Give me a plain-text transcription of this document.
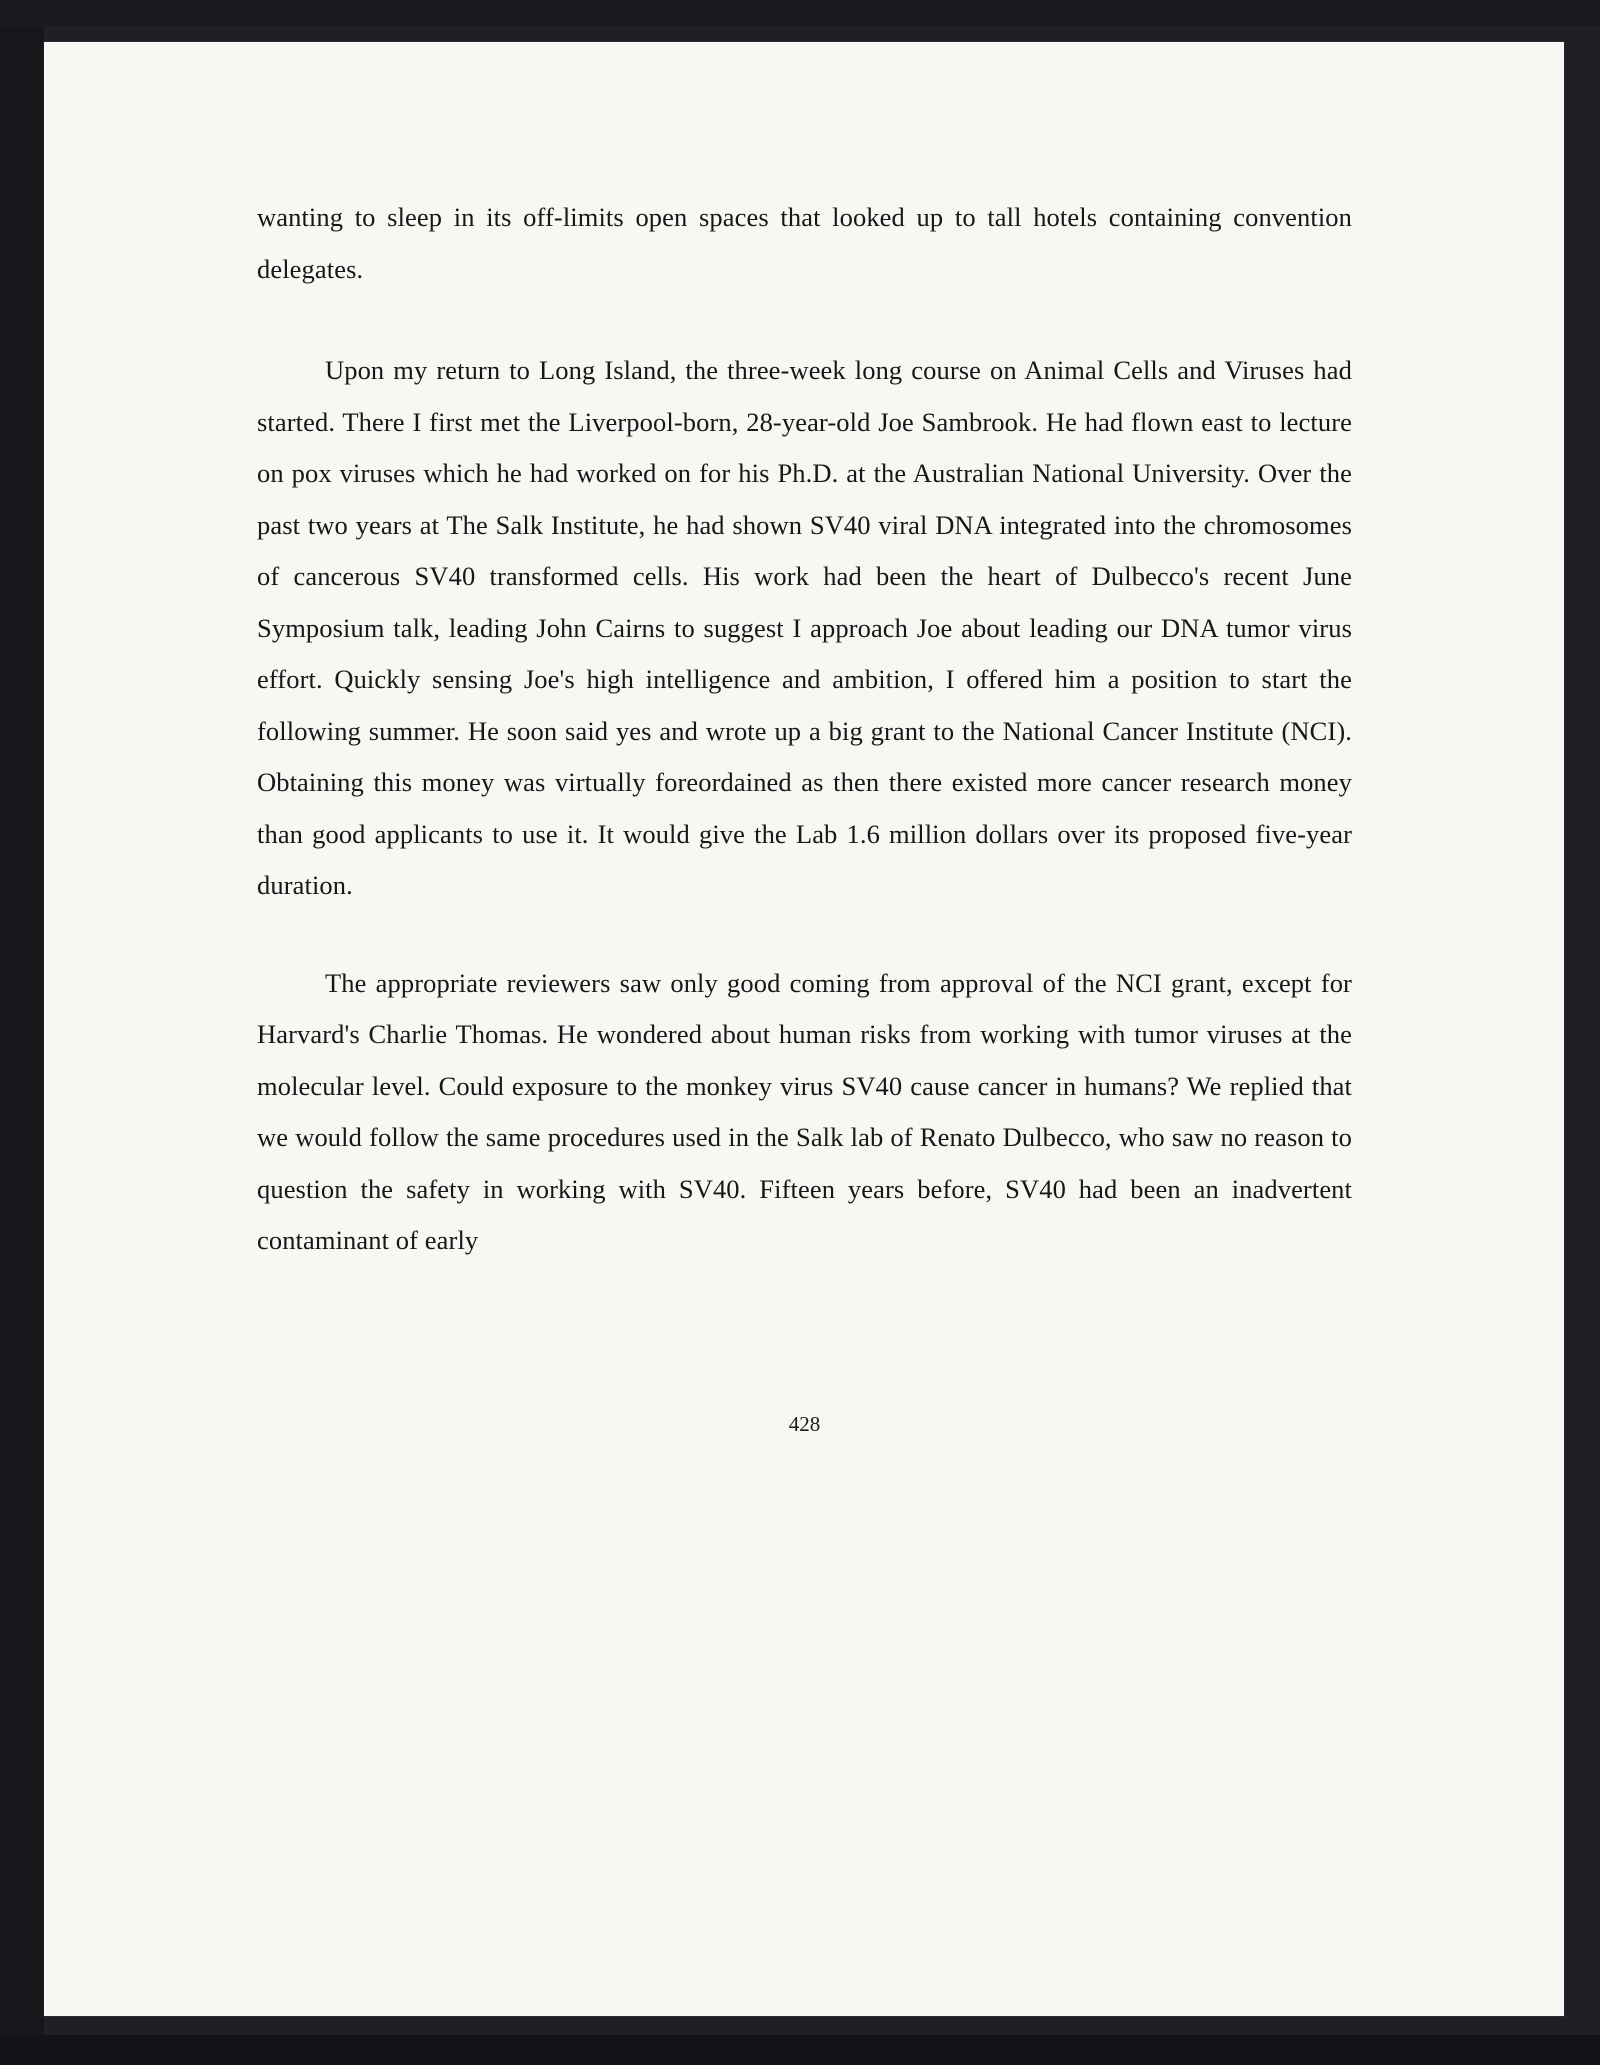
wanting to sleep in its off-limits open spaces that looked up to tall hotels containing convention delegates.

Upon my return to Long Island, the three-week long course on Animal Cells and Viruses had started. There I first met the Liverpool-born, 28-year-old Joe Sambrook. He had flown east to lecture on pox viruses which he had worked on for his Ph.D. at the Australian National University. Over the past two years at The Salk Institute, he had shown SV40 viral DNA integrated into the chromosomes of cancerous SV40 transformed cells. His work had been the heart of Dulbecco's recent June Symposium talk, leading John Cairns to suggest I approach Joe about leading our DNA tumor virus effort. Quickly sensing Joe's high intelligence and ambition, I offered him a position to start the following summer. He soon said yes and wrote up a big grant to the National Cancer Institute (NCI). Obtaining this money was virtually foreordained as then there existed more cancer research money than good applicants to use it. It would give the Lab 1.6 million dollars over its proposed five-year duration.

The appropriate reviewers saw only good coming from approval of the NCI grant, except for Harvard's Charlie Thomas. He wondered about human risks from working with tumor viruses at the molecular level. Could exposure to the monkey virus SV40 cause cancer in humans? We replied that we would follow the same procedures used in the Salk lab of Renato Dulbecco, who saw no reason to question the safety in working with SV40. Fifteen years before, SV40 had been an inadvertent contaminant of early

428
